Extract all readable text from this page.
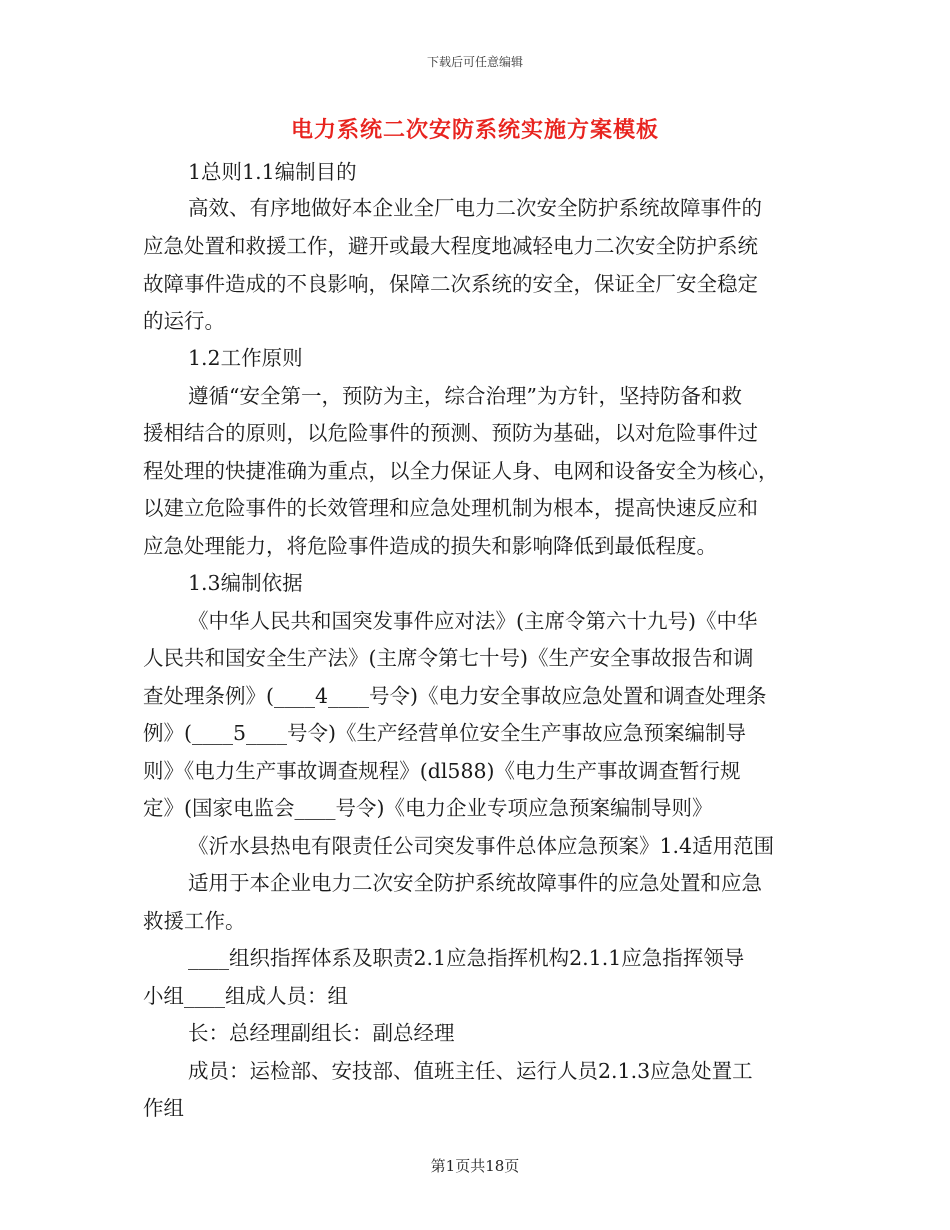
下载后可任意编辑
电力系统二次安防系统实施方案模板
1总则1.1编制目的
高效、有序地做好本企业全厂电力二次安全防护系统故障事件的
应急处置和救援工作，避开或最大程度地减轻电力二次安全防护系统
故障事件造成的不良影响，保障二次系统的安全，保证全厂安全稳定
的运行。
1.2工作原则
遵循“安全第一，预防为主，综合治理”为方针，坚持防备和救
援相结合的原则，以危险事件的预测、预防为基础，以对危险事件过
程处理的快捷准确为重点，以全力保证人身、电网和设备安全为核心，
以建立危险事件的长效管理和应急处理机制为根本，提高快速反应和
应急处理能力，将危险事件造成的损失和影响降低到最低程度。
1.3编制依据
《中华人民共和国突发事件应对法》(主席令第六十九号)《中华
人民共和国安全生产法》(主席令第七十号)《生产安全事故报告和调
查处理条例》(____4____号令)《电力安全事故应急处置和调查处理条
例》(____5____号令)《生产经营单位安全生产事故应急预案编制导
则》《电力生产事故调查规程》(dl588)《电力生产事故调查暂行规
定》(国家电监会____号令)《电力企业专项应急预案编制导则》
《沂水县热电有限责任公司突发事件总体应急预案》1.4适用范围
适用于本企业电力二次安全防护系统故障事件的应急处置和应急
救援工作。
____组织指挥体系及职责2.1应急指挥机构2.1.1应急指挥领导
小组____组成人员：组
长：总经理副组长：副总经理
成员：运检部、安技部、值班主任、运行人员2.1.3应急处置工
作组
第1页共18页
